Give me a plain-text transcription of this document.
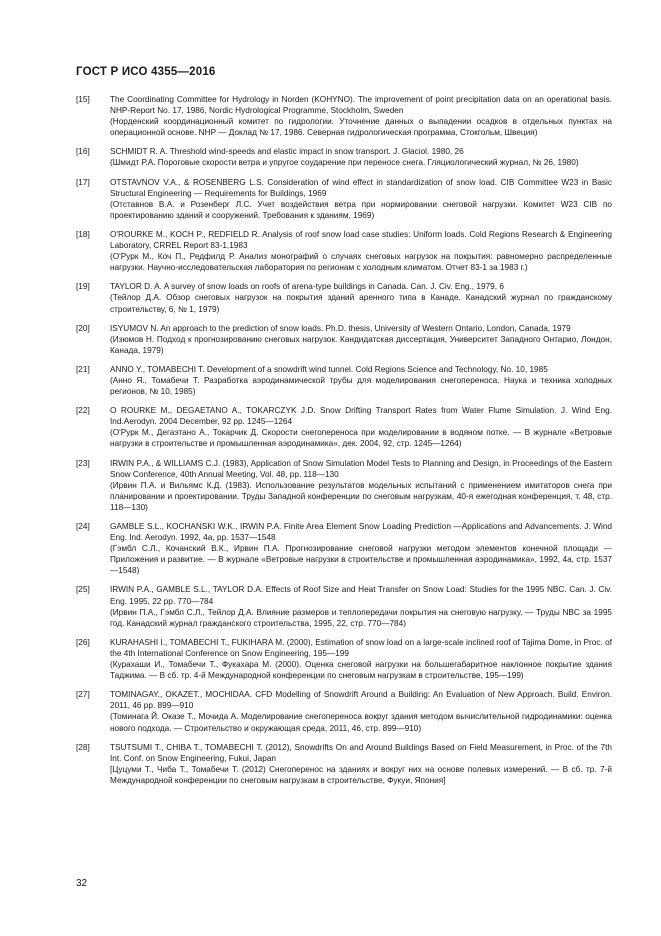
ГОСТ Р ИСО 4355—2016
[15]	The Coordinating Committee for Hydrology in Norden (KOHYNO). The improvement of point precipitation data on an operational basis. NHP-Report No. 17, 1986, Nordic Hydrological Programme, Stockholm, Sweden

(Норденский координационный комитет по гидрологии. Уточнение данных о выпадении осадков в отдельных пунктах на операционной основе. NHP — Доклад № 17, 1986. Северная гидрологическая программа, Стокгольм, Швеция)

[16]	SCHMIDT R. A. Threshold wind-speeds and elastic impact in snow transport. J. Glaciol. 1980, 26

(Шмидт Р.А. Пороговые скорости ветра и упругое соударение при переносе снега. Гляциологический журнал, № 26, 1980)

[17]	OTSTAVNOV V.A., & ROSENBERG L.S. Consideration of wind effect in standardization of snow load. CIB Committee W23 in Basic Structural Engineering — Requirements for Buildings, 1969

(Отставнов В.А. и Розенберг Л.С. Учет воздействия ветра при нормировании снеговой нагрузки. Комитет W23 CIB по проектированию зданий и сооружений. Требования к зданиям, 1969)

[18]	O'ROURKE M., KOCH P., REDFIELD R. Analysis of roof snow load case studies: Uniform loads. Cold Regions Research & Engineering Laboratory, CRREL Report 83-1,1983

(О'Рурк М., Коч П., Редфилд Р. Анализ монографий о случаях снеговых нагрузок на покрытия: равномерно распределенные нагрузки. Научно-исследовательская лаборатория по регионам с холодным климатом. Отчет 83-1 за 1983 г.)

[19]	TAYLOR D. A. A survey of snow loads on roofs of arena-type buildings in Canada. Can. J. Civ. Eng., 1979, 6

(Тейлор Д.А. Обзор снеговых нагрузок на покрытия зданий аренного типа в Канаде. Канадский журнал по гражданскому строительству, 6, № 1, 1979)

[20]	ISYUMOV N. An approach to the prediction of snow loads. Ph.D. thesis, University of Western Ontario, London, Canada, 1979

(Изюмов Н. Подход к прогнозированию снеговых нагрузок. Кандидатская диссертация, Университет Западного Онтарио, Лондон, Канада, 1979)

[21]	ANNO Y., TOMABECHI T. Development of a snowdrift wind tunnel. Cold Regions Science and Technology, No. 10, 1985

(Анно Я., Томабечи Т. Разработка аэродинамической трубы для моделирования снегопереноса. Наука и техника холодных регионов, № 10, 1985)

[22]	O ROURKE M., DEGAETANO A., TOKARCZYK J.D. Snow Drifting Transport Rates from Water Flume Simulation. J. Wind Eng. Ind.Aerodyn. 2004 December, 92 pp. 1245—1264

(О'Рурк М., Дегаэтано А., Токарчик Д. Скорости снегопереноса при моделировании в водяном потке. — В журнале «Ветровые нагрузки в строительстве и промышленная аэродинамика», дек. 2004, 92, стр. 1245—1264)

[23]	IRWIN P.A., & WILLIAMS C.J. (1983), Application of Snow Simulation Model Tests to Planning and Design, in Proceedings of the Eastern Snow Conference, 40th Annual Meeting, Vol. 48, pp. 118—130

(Ирвин П.А. и Вильямс К.Д. (1983). Использование результатов модельных испытаний с применением имитаторов снега при планировании и проектировании. Труды Западной конференции по снеговым нагрузкам, 40-я ежегодная конференция, т. 48, стр. 118—130)

[24]	GAMBLE S.L., KOCHANSKI W.K., IRWIN P.A. Finite Area Element Snow Loading Prediction —Applications and Advancements. J. Wind Eng. Ind. Aerodyn. 1992, 4a, pp. 1537—1548

(Гэмбл С.Л., Кочанский В.К., Ирвин П.А. Прогнозирование снеговой нагрузки методом элементов конечной площади — Приложения и развитие. — В журнале «Ветровые нагрузки в строительстве и промышленная аэродинамика», 1992, 4а, стр. 1537—1548)

[25]	IRWIN P.A., GAMBLE S.L., TAYLOR D.A. Effects of Roof Size and Heat Transfer on Snow Load: Studies for the 1995 NBC. Can. J. Civ. Eng. 1995, 22 pp. 770—784

(Ирвин П.А., Гэмбл С.Л., Тейлор Д.А. Влияние размеров и теплопередачи покрытия на снеговую нагрузку. — Труды NBC за 1995 год. Канадский журнал гражданского строительства, 1995, 22, стр. 770—784)

[26]	KURAHASHI I., TOMABECHI T., FUKIHARA M. (2000), Estimation of snow load on a large-scale inclined roof of Tajima Dome, in Proc. of the 4th International Conference on Snow Engineering, 195—199

(Курахаши И., Томабечи Т., Фукахара М. (2000). Оценка снеговой нагрузки на большегабаритное наклонное покрытие здания Таджима. — В сб. тр. 4-й Международной конференции по снеговым нагрузкам в строительстве, 195—199)

[27]	TOMINAGAY., OKAZET., MOCHIDAA. CFD Modelling of Snowdrift Around a Building: An Evaluation of New Approach. Build. Environ. 2011, 46 pp. 899—910

(Томинага Й. Оказе Т., Мочида А. Моделирование снегопереноса вокруг здания методом вычислительной гидродинамики: оценка нового подхода. — Строительство и окружающая среда, 2011, 46, стр. 899—910)

[28]	TSUTSUMI T., CHIBA T., TOMABECHI T. (2012), Snowdrifts On and Around Buildings Based on Field Measurement, in Proc. of the 7th Int. Conf. on Snow Engineering, Fukui, Japan

[Цуцуми Т., Чиба Т., Томабечи Т. (2012) Снегоперенос на зданиях и вокруг них на основе полевых измерений. — В сб. тр. 7-й Международной конференции по снеговым нагрузкам в строительстве, Фукуи, Япония]

32
